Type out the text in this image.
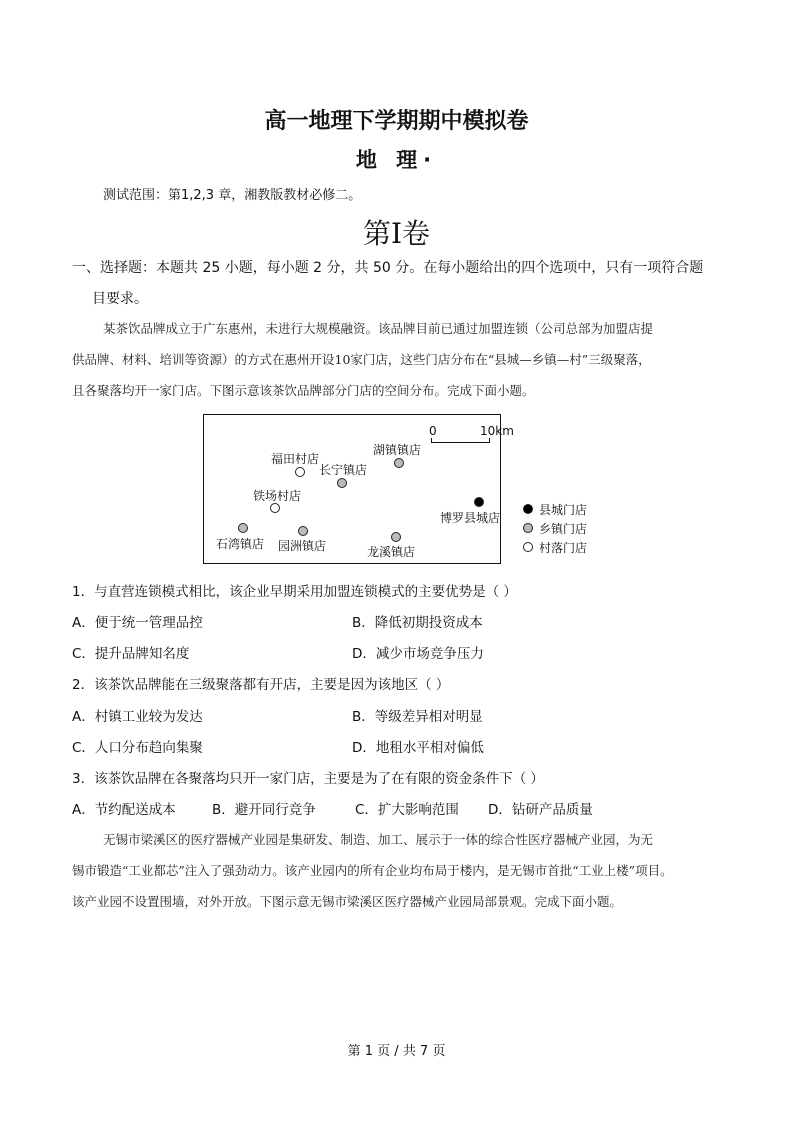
高一地理下学期期中模拟卷
地 理·
测试范围：第1,2,3 章，湘教版教材必修二。
第I卷
一、选择题：本题共 25 小题，每小题 2 分，共 50 分。在每小题给出的四个选项中，只有一项符合题
目要求。
某茶饮品牌成立于广东惠州，未进行大规模融资。该品牌目前已通过加盟连锁（公司总部为加盟店提
供品牌、材料、培训等资源）的方式在惠州开设10家门店，这些门店分布在“县城—乡镇—村”三级聚落，
且各聚落均开一家门店。下图示意该茶饮品牌部分门店的空间分布。完成下面小题。
0	10km
福田村店
长宁镇店
湖镇镇店
铁场村店
博罗县城店
石湾镇店 园洲镇店	龙溪镇店
县城门店
乡镇门店
村落门店
1．与直营连锁模式相比，该企业早期采用加盟连锁模式的主要优势是（ ）
A．便于统一管理品控	B．降低初期投资成本
C．提升品牌知名度	D．减少市场竞争压力
2．该茶饮品牌能在三级聚落都有开店，主要是因为该地区（ ）
A．村镇工业较为发达	B．等级差异相对明显
C．人口分布趋向集聚	D．地租水平相对偏低
3．该茶饮品牌在各聚落均只开一家门店，主要是为了在有限的资金条件下（ ）
A．节约配送成本	B．避开同行竞争	C．扩大影响范围 D．钻研产品质量
无锡市梁溪区的医疗器械产业园是集研发、制造、加工、展示于一体的综合性医疗器械产业园，为无
锡市锻造“工业都芯”注入了强劲动力。该产业园内的所有企业均布局于楼内，是无锡市首批“工业上楼”项目。
该产业园不设置围墙，对外开放。下图示意无锡市梁溪区医疗器械产业园局部景观。完成下面小题。
第 1 页 / 共 7 页
